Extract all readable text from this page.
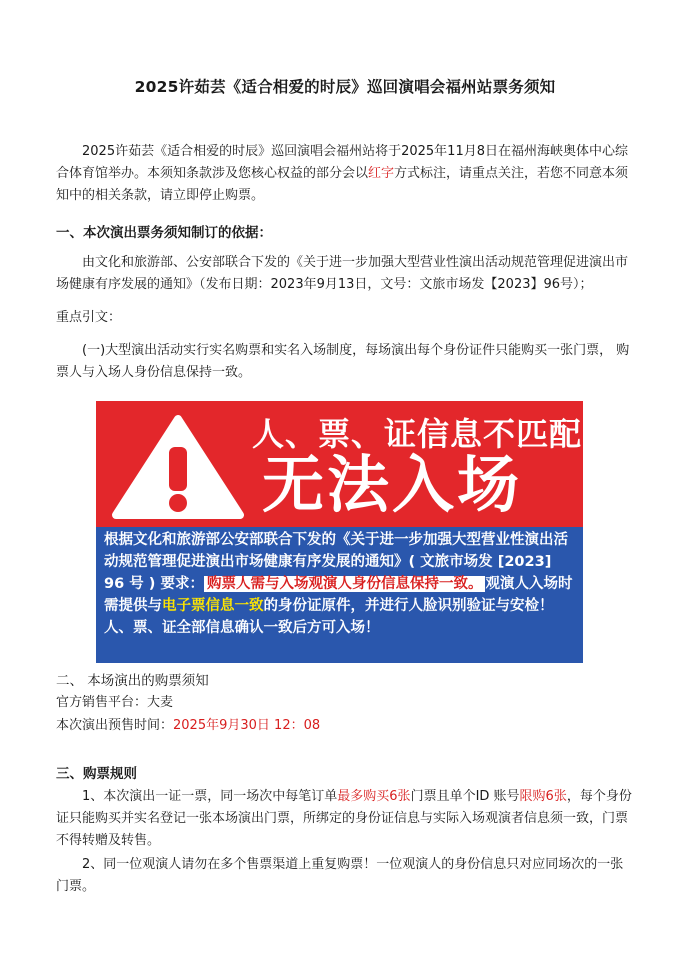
2025许茹芸《适合相爱的时辰》巡回演唱会福州站票务须知

2025许茹芸《适合相爱的时辰》巡回演唱会福州站将于2025年11月8日在福州海峡奥体中心综合体育馆举办。本须知条款涉及您核心权益的部分会以红字方式标注，请重点关注，若您不同意本须知中的相关条款，请立即停止购票。

一、本次演出票务须知制订的依据：

由文化和旅游部、公安部联合下发的《关于进一步加强大型营业性演出活动规范管理促进演出市场健康有序发展的通知》（发布日期：2023年9月13日，文号：文旅市场发【2023】96号）；

重点引文：

(一)大型演出活动实行实名购票和实名入场制度，每场演出每个身份证件只能购买一张门票， 购票人与入场人身份信息保持一致。

人、票、证信息不匹配
无法入场

根据文化和旅游部公安部联合下发的《关于进一步加强大型营业性演出活动规范管理促进演出市场健康有序发展的通知》( 文旅市场发 [2023] 96 号 ) 要求： 购票人需与入场观演人身份信息保持一致。 观演人入场时需提供与电子票信息一致的身份证原件，并进行人脸识别验证与安检！人、票、证全部信息确认一致后方可入场！

二、 本场演出的购票须知

官方销售平台：大麦

本次演出预售时间：2025年9月30日 12：08

三、购票规则

1、本次演出一证一票，同一场次中每笔订单最多购买6张门票且单个ID 账号限购6张，每个身份证只能购买并实名登记一张本场演出门票，所绑定的身份证信息与实际入场观演者信息须一致，门票不得转赠及转售。

2、同一位观演人请勿在多个售票渠道上重复购票！一位观演人的身份信息只对应同场次的一张门票。
